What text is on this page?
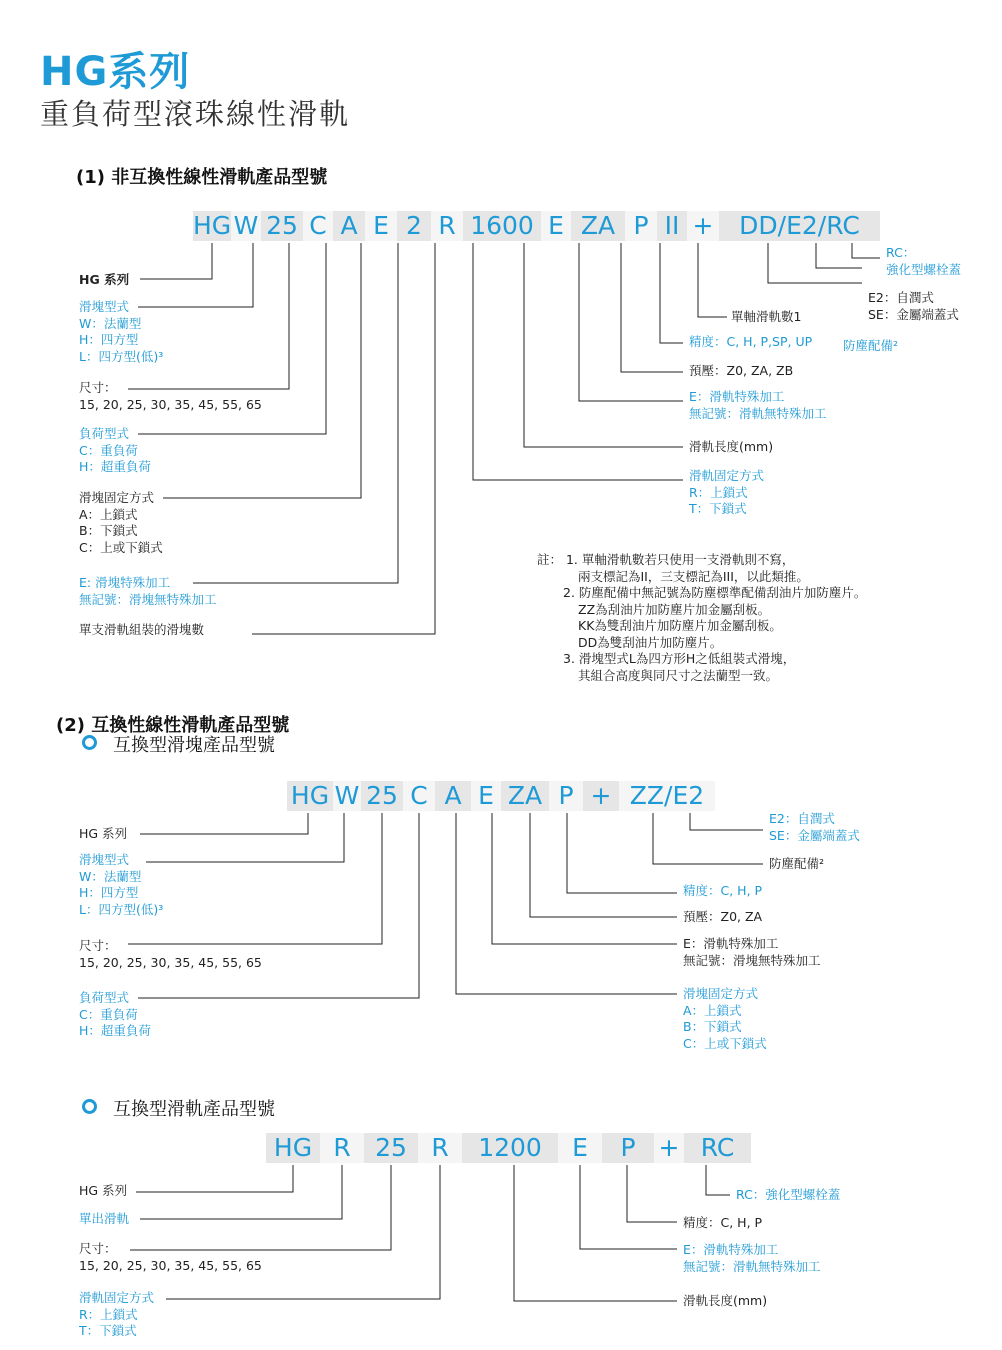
HG系列
重負荷型滾珠線性滑軌
(1) 非互換性線性滑軌產品型號
HG W 25 C A E 2 R 1600 E ZA P II +	DD/E2/RC
HG 系列
滑塊型式
W：法蘭型
H：四方型
L：四方型(低)³
尺寸：
15, 20, 25, 30, 35, 45, 55, 65
負荷型式
C：重負荷
H：超重負荷
滑塊固定方式
A：上鎖式
B：下鎖式
C：上或下鎖式
E: 滑塊特殊加工
無記號：滑塊無特殊加工
單支滑軌組裝的滑塊數
RC：
強化型螺栓蓋
E2：自潤式
SE：金屬端蓋式
防塵配備²
單軸滑軌數1
精度：C, H, P,SP, UP
預壓：Z0, ZA, ZB
E：滑軌特殊加工
無記號：滑軌無特殊加工
滑軌長度(mm)
滑軌固定方式
R：上鎖式
T：下鎖式
註： 1. 單軸滑軌數若只使用一支滑軌則不寫，
兩支標記為II，三支標記為III，以此類推。
2. 防塵配備中無記號為防塵標準配備刮油片加防塵片。
ZZ為刮油片加防塵片加金屬刮板。
KK為雙刮油片加防塵片加金屬刮板。
DD為雙刮油片加防塵片。
3. 滑塊型式L為四方形H之低組裝式滑塊，
其組合高度與同尺寸之法蘭型一致。
(2) 互換性線性滑軌產品型號
互換型滑塊產品型號
HG W 25 C A E ZA P + ZZ/E2
HG 系列
滑塊型式
W：法蘭型
H：四方型
L：四方型(低)³
尺寸：
15, 20, 25, 30, 35, 45, 55, 65
負荷型式
C：重負荷
H：超重負荷
E2：自潤式
SE：金屬端蓋式
防塵配備²
精度：C, H, P
預壓：Z0, ZA
E：滑軌特殊加工
無記號：滑塊無特殊加工
滑塊固定方式
A：上鎖式
B：下鎖式
C：上或下鎖式
互換型滑軌產品型號
HG R 25 R	1200	E	P + RC
HG 系列
單出滑軌
尺寸：
15, 20, 25, 30, 35, 45, 55, 65
滑軌固定方式
R：上鎖式
T：下鎖式
RC：強化型螺栓蓋
精度：C, H, P
E：滑軌特殊加工
無記號：滑軌無特殊加工
滑軌長度(mm)
